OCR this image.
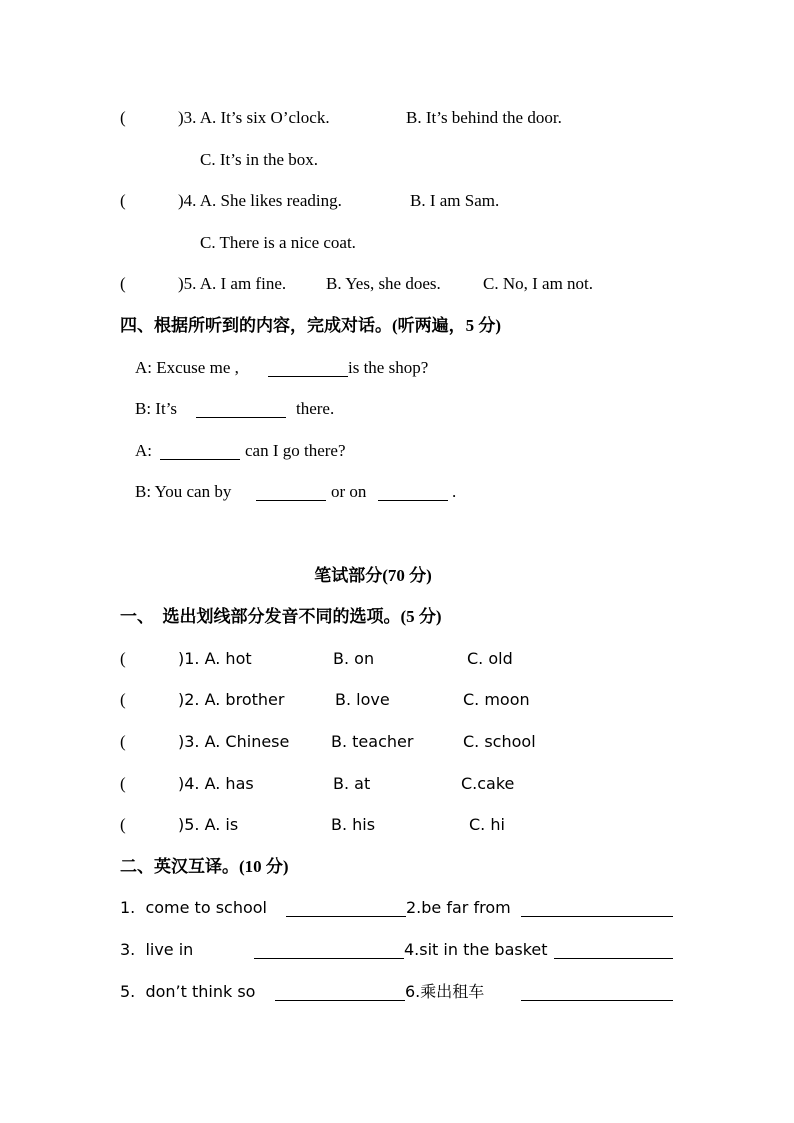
(

	)3. A. It’s six O’clock.

	B. It’s behind the door.

C. It’s in the box.

(

	)4. A. She likes reading.

	B. I am Sam.

C. There is a nice coat.

(

	)5. A. I am fine.

B. Yes, she does.

C. No, I am not.

四、根据所听到的内容，完成对话。(听两遍，5 分)

A: Excuse me ,

	is the shop?

B: It’s

	there.

A:

	can I go there?

B: You can by

	or on

	.

笔试部分(70 分)
一、  选出划线部分发音不同的选项。(5 分)

(

	)1. A. hot

	B. on

	C. old

(

	)2. A. brother

	B. love

	C. moon

(

	)3. A. Chinese

	B. teacher

	C. school

(

	)4. A. has

	B. at

	C.cake

(

	)5. A. is

	B. his

	C. hi

二、英汉互译。(10 分)

1.  come to school

	2.be far from

3.  live in

	4.sit in the basket

5.  don’t think so

	6.乘出租车
